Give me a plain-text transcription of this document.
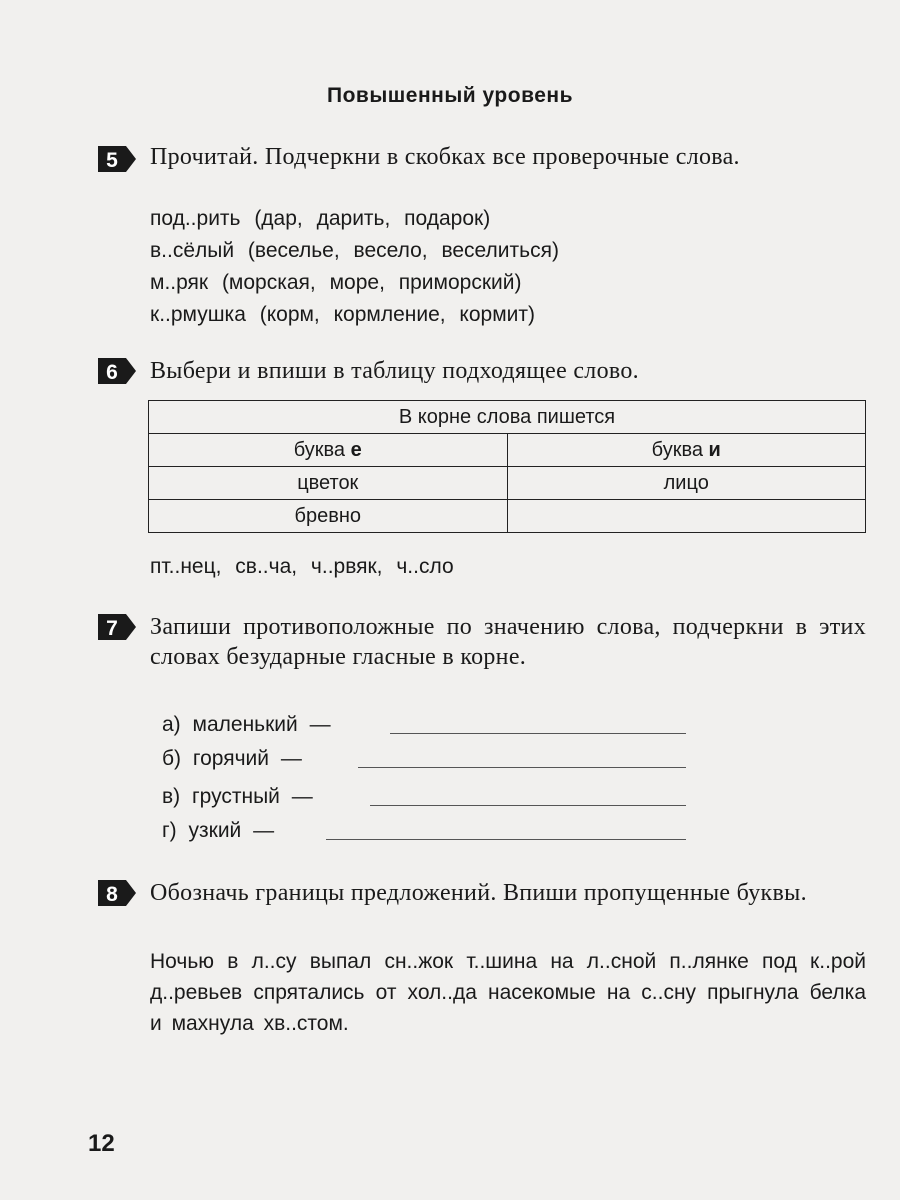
Повышенный уровень
5 Прочитай. Подчеркни в скобках все проверочные слова.
под..рить (дар, дарить, подарок)
в..сёлый (веселье, весело, веселиться)
м..ряк (морская, море, приморский)
к..рмушка (корм, кормление, кормит)
6 Выбери и впиши в таблицу подходящее слово.
В корне слова пишется	
буква е	буква и
цветок	лицо
бревно	
пт..нец, св..ча, ч..рвяк, ч..сло
7 Запиши противоположные по значению слова, подчеркни в этих словах безударные гласные в корне.
а) маленький —
б) горячий —
в) грустный —
г) узкий —
8 Обозначь границы предложений. Впиши пропущенные буквы.
Ночью в л..су выпал сн..жок т..шина на л..сной п..лянке под к..рой д..ревьев спрятались от хол..да насекомые на с..сну прыгнула белка и махнула хв..стом.
12
